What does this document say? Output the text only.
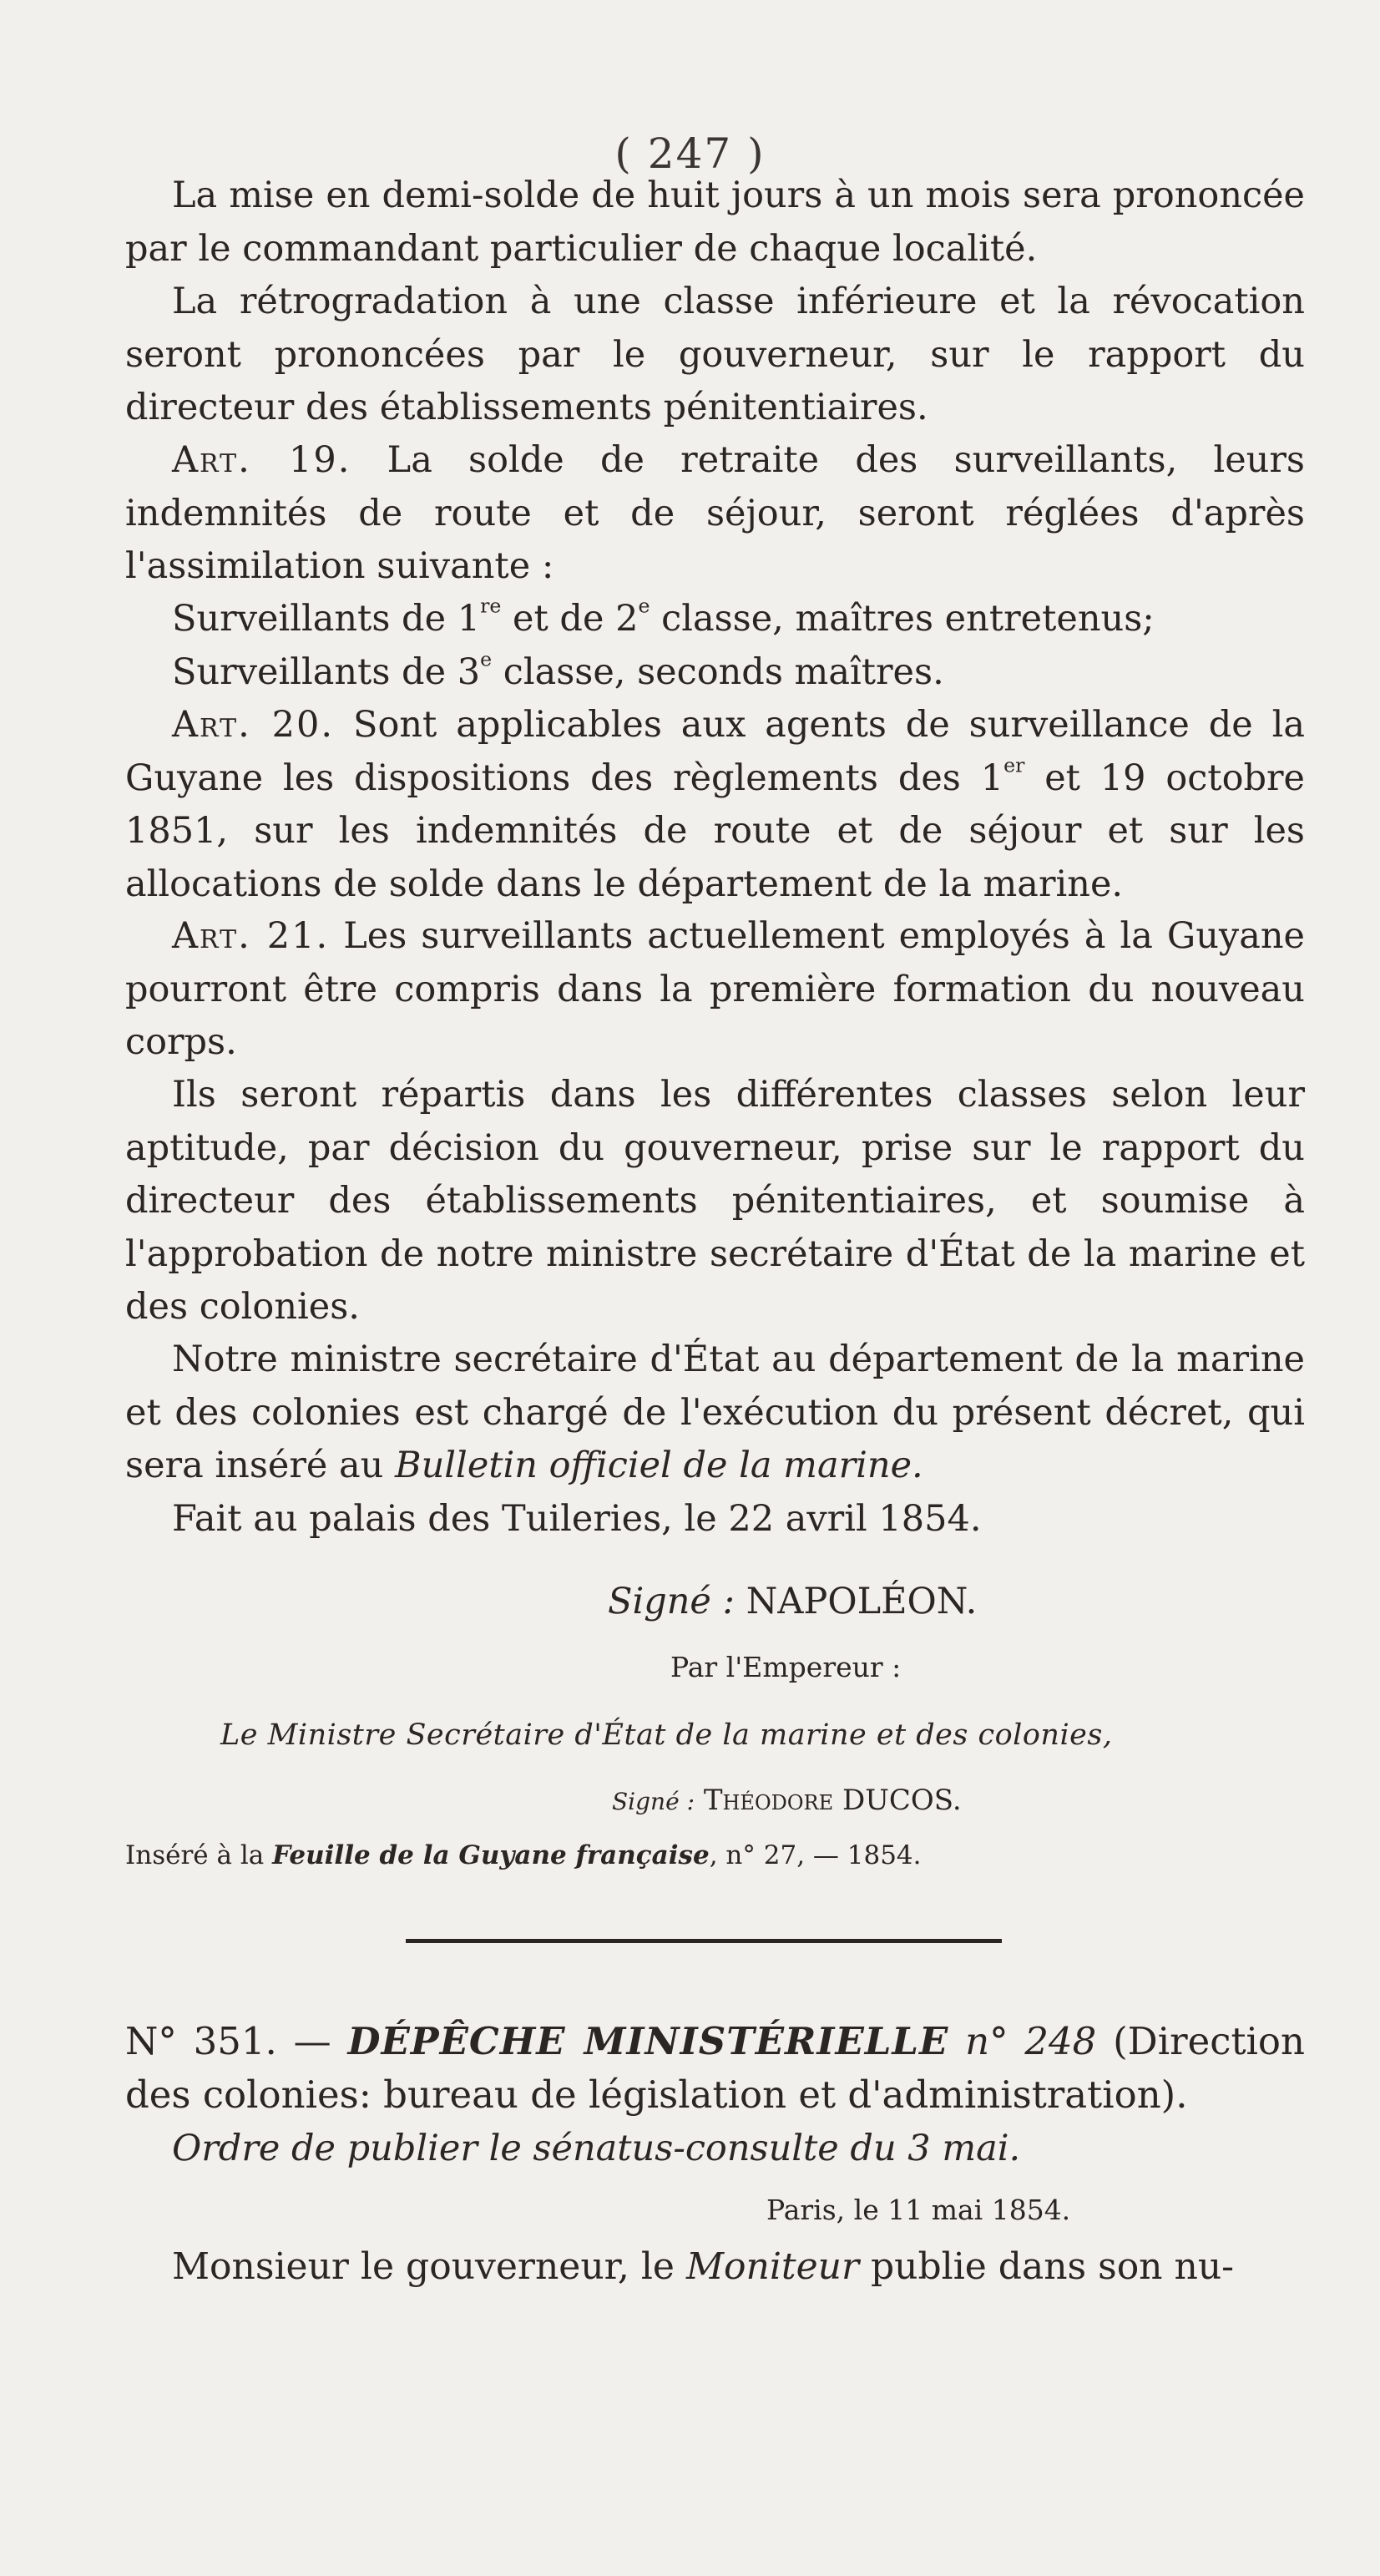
( 247 )
La mise en demi-solde de huit jours à un mois sera prononcée par le commandant particulier de chaque localité.
La rétrogradation à une classe inférieure et la révocation seront prononcées par le gouverneur, sur le rapport du directeur des établissements pénitentiaires.
Art. 19. La solde de retraite des surveillants, leurs indemnités de route et de séjour, seront réglées d'après l'assimilation suivante :
Surveillants de 1re et de 2e classe, maîtres entretenus;
Surveillants de 3e classe, seconds maîtres.
Art. 20. Sont applicables aux agents de surveillance de la Guyane les dispositions des règlements des 1er et 19 octobre 1851, sur les indemnités de route et de séjour et sur les allocations de solde dans le département de la marine.
Art. 21. Les surveillants actuellement employés à la Guyane pourront être compris dans la première formation du nouveau corps.
Ils seront répartis dans les différentes classes selon leur aptitude, par décision du gouverneur, prise sur le rapport du directeur des établissements pénitentiaires, et soumise à l'approbation de notre ministre secrétaire d'État de la marine et des colonies.
Notre ministre secrétaire d'État au département de la marine et des colonies est chargé de l'exécution du présent décret, qui sera inséré au Bulletin officiel de la marine.
Fait au palais des Tuileries, le 22 avril 1854.
Signé : NAPOLÉON.
Par l'Empereur :
Le Ministre Secrétaire d'État de la marine et des colonies,
Signé : Théodore DUCOS.
Inséré à la Feuille de la Guyane française, n° 27, — 1854.
N° 351. — DÉPÊCHE MINISTÉRIELLE n° 248 (Direction des colonies: bureau de législation et d'administration).
Ordre de publier le sénatus-consulte du 3 mai.
Paris, le 11 mai 1854.
Monsieur le gouverneur, le Moniteur publie dans son nu-
